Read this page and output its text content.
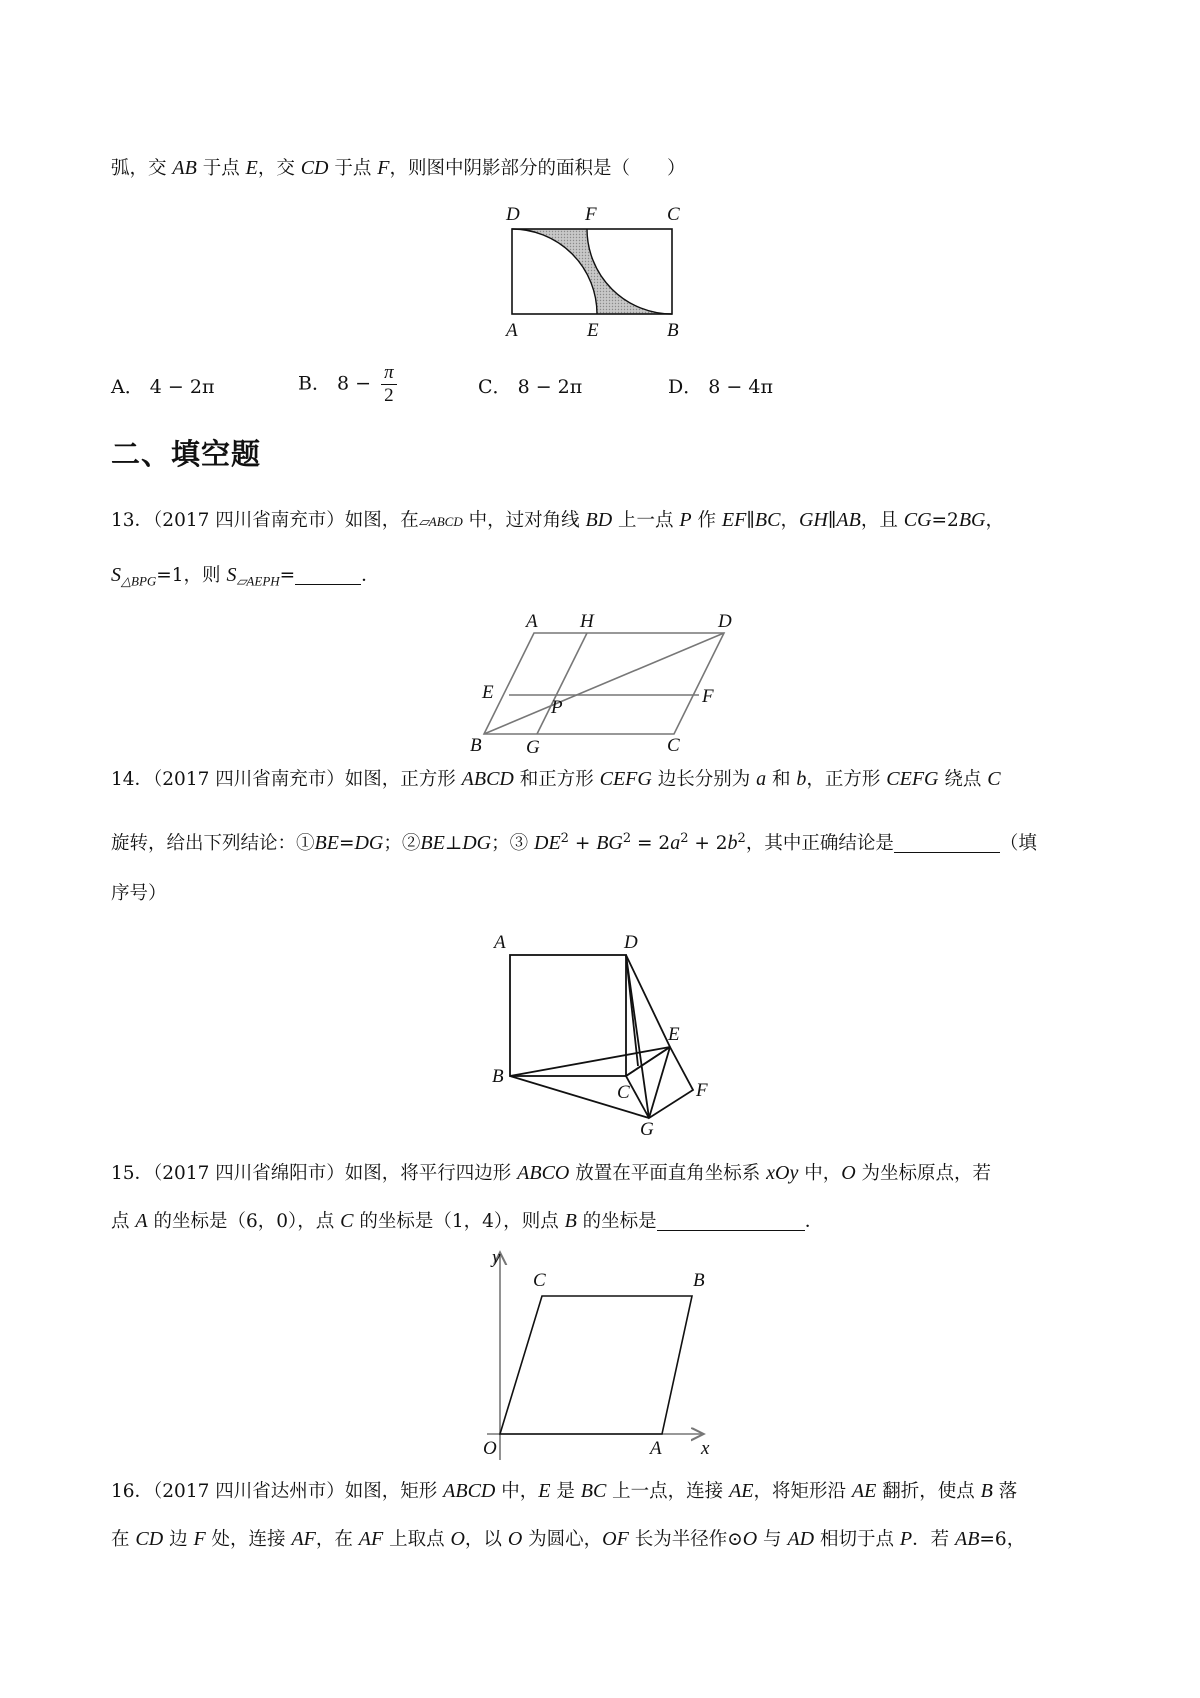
弧，交 AB 于点 E，交 CD 于点 F，则图中阴影部分的面积是（　　）
D	F	C
A	E	B
A． 4 − 2π	B． $8 - \frac{\pi}{2}$	C． 8 − 2π	D． 8 − 4π
二、填空题
13．（2017 四川省南充市）如图，在▱ABCD 中，过对角线 BD 上一点 P 作 EF∥BC，GH∥AB，且 CG=2BG，
$S_{\triangle BPG}=1$，则 $S_{▱AEPH}=$	．
A H	D
E	F
P
B G	C
14．（2017 四川省南充市）如图，正方形 ABCD 和正方形 CEFG 边长分别为 a 和 b，正方形 CEFG 绕点 C
旋转，给出下列结论：①BE=DG；②BE⊥DG；③ $DE^2 + BG^2 = 2a^2 + 2b^2$，其中正确结论是	（填
序号）
A	D
E
B
C	F
G
15．（2017 四川省绵阳市）如图，将平行四边形 ABCO 放置在平面直角坐标系 xOy 中，O 为坐标原点，若
点 A 的坐标是（6，0），点 C 的坐标是（1，4），则点 B 的坐标是	．
y
C	B
O	A x
16．（2017 四川省达州市）如图，矩形 ABCD 中，E 是 BC 上一点，连接 AE，将矩形沿 AE 翻折，使点 B 落
在 CD 边 F 处，连接 AF，在 AF 上取点 O，以 O 为圆心，OF 长为半径作⊙O 与 AD 相切于点 P．若 AB=6，
